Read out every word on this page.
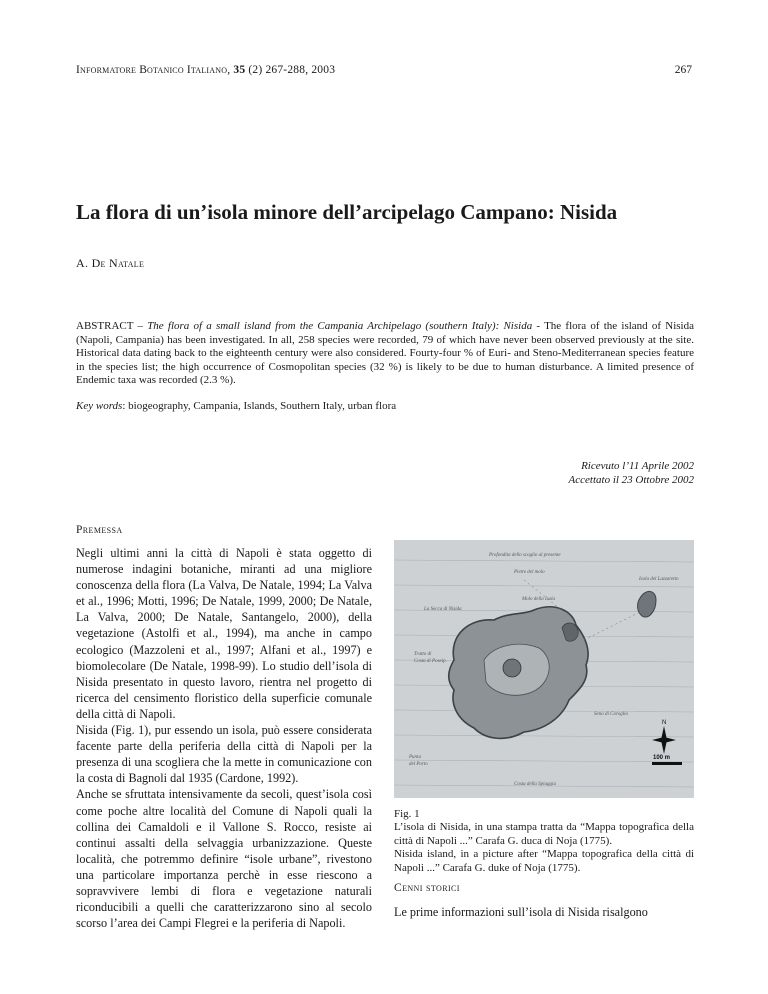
Informatore Botanico Italiano, 35 (2) 267-288, 2003	267
La flora di un’isola minore dell’arcipelago Campano: Nisida
A. De Natale
ABSTRACT – The flora of a small island from the Campania Archipelago (southern Italy): Nisida - The flora of the island of Nisida (Napoli, Campania) has been investigated. In all, 258 species were recorded, 79 of which have never been observed previously at the site. Historical data dating back to the eighteenth century were also considered. Fourty-four % of Euri- and Steno-Mediterranean species feature in the species list; the high occurrence of Cosmopolitan species (32 %) is likely to be due to human disturbance. A limited presence of Endemic taxa was recorded (2.3 %).
Key words: biogeography, Campania, Islands, Southern Italy, urban flora
Ricevuto l’11 Aprile 2002
Accettato il 23 Ottobre 2002
Premessa

Negli ultimi anni la città di Napoli è stata oggetto di numerose indagini botaniche, miranti ad una migliore conoscenza della flora (La Valva, De Natale, 1994; La Valva et al., 1996; Motti, 1996; De Natale, 1999, 2000; De Natale, La Valva, 2000; De Natale, Santangelo, 2000), della vegetazione (Astolfi et al., 1994), ma anche in campo ecologico (Mazzoleni et al., 1997; Alfani et al., 1997) e biomolecolare (De Natale, 1998-99). Lo studio dell’isola di Nisida presentato in questo lavoro, rientra nel progetto di ricerca del censimento floristico della superficie comunale della città di Napoli.

Nisida (Fig. 1), pur essendo un isola, può essere considerata facente parte della periferia della città di Napoli per la presenza di una scogliera che la mette in comunicazione con la costa di Bagnoli dal 1935 (Cardone, 1992).

Anche se sfruttata intensivamente da secoli, quest’isola così come poche altre località del Comune di Napoli quali la collina dei Camaldoli e il Vallone S. Rocco, resiste ai continui assalti della selvaggia urbanizzazione. Queste località, che potremmo definire “isole urbane”, rivestono una particolare importanza perchè in esse riescono a sopravvivere lembi di flora e vegetazione naturali riconducibili a quelli che caratterizzarono sino al secolo scorso l’area dei Campi Flegrei e la periferia di Napoli.

Profondita dello scoglio al presente
Pietre del molo
Molo della Isola
Isola del Lazzaretto
La Secca di Nisida
Tratto di
Costa di Poseip.
Punta
del Porto
Seno di Coroglio
Costa della Spiaggia
N
100 m

Fig. 1

L’isola di Nisida, in una stampa tratta da “Mappa topografica della città di Napoli ...” Carafa G. duca di Noja (1775).

Nisida island, in a picture after “Mappa topografica della città di Napoli ...” Carafa G. duke of Noja (1775).

Cenni storici
Le prime informazioni sull’isola di Nisida risalgono
